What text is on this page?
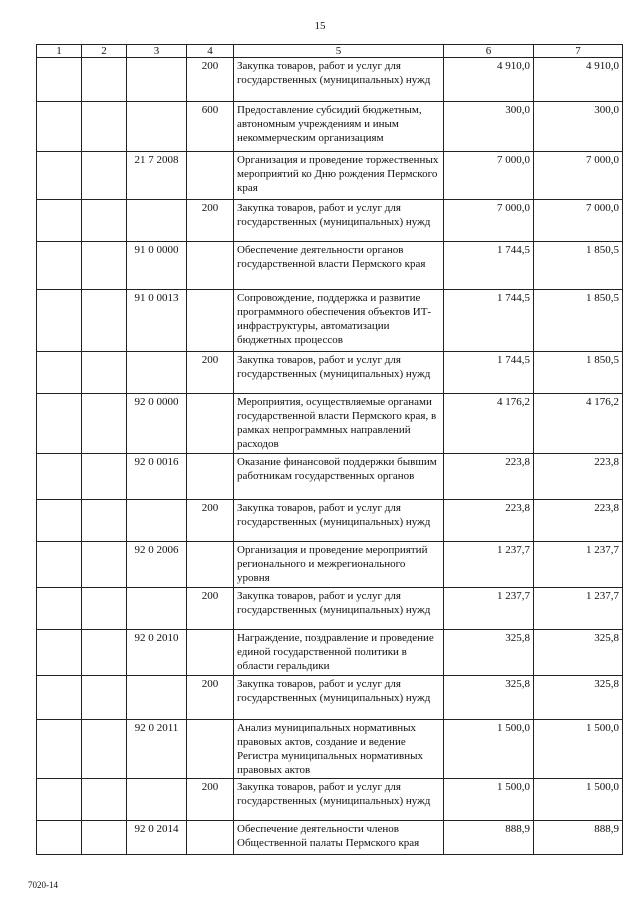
15
1	2	3	4	5	6	7
			200	Закупка товаров, работ и услуг для государственных (муниципальных) нужд	4 910,0	4 910,0
			600	Предоставление субсидий бюджетным, автономным учреждениям и иным некоммерческим организациям	300,0	300,0
		21 7 2008		Организация и проведение торжественных мероприятий ко Дню рождения Пермского края	7 000,0	7 000,0
			200	Закупка товаров, работ и услуг для государственных (муниципальных) нужд	7 000,0	7 000,0
		91 0 0000		Обеспечение деятельности органов государственной власти Пермского края	1 744,5	1 850,5
		91 0 0013		Сопровождение, поддержка и развитие программного обеспечения объектов ИТ-инфраструктуры, автоматизации бюджетных процессов	1 744,5	1 850,5
			200	Закупка товаров, работ и услуг для государственных (муниципальных) нужд	1 744,5	1 850,5
		92 0 0000		Мероприятия, осуществляемые органами государственной власти Пермского края, в рамках непрограммных направлений расходов	4 176,2	4 176,2
		92 0 0016		Оказание финансовой поддержки бывшим работникам государственных органов	223,8	223,8
			200	Закупка товаров, работ и услуг для государственных (муниципальных) нужд	223,8	223,8
		92 0 2006		Организация и проведение мероприятий регионального и межрегионального уровня	1 237,7	1 237,7
			200	Закупка товаров, работ и услуг для государственных (муниципальных) нужд	1 237,7	1 237,7
		92 0 2010		Награждение, поздравление и проведение единой государственной политики в области геральдики	325,8	325,8
			200	Закупка товаров, работ и услуг для государственных (муниципальных) нужд	325,8	325,8
		92 0 2011		Анализ муниципальных нормативных правовых актов, создание и ведение Регистра муниципальных нормативных правовых актов	1 500,0	1 500,0
			200	Закупка товаров, работ и услуг для государственных (муниципальных) нужд	1 500,0	1 500,0
		92 0 2014		Обеспечение деятельности членов Общественной палаты Пермского края	888,9	888,9
7020-14
